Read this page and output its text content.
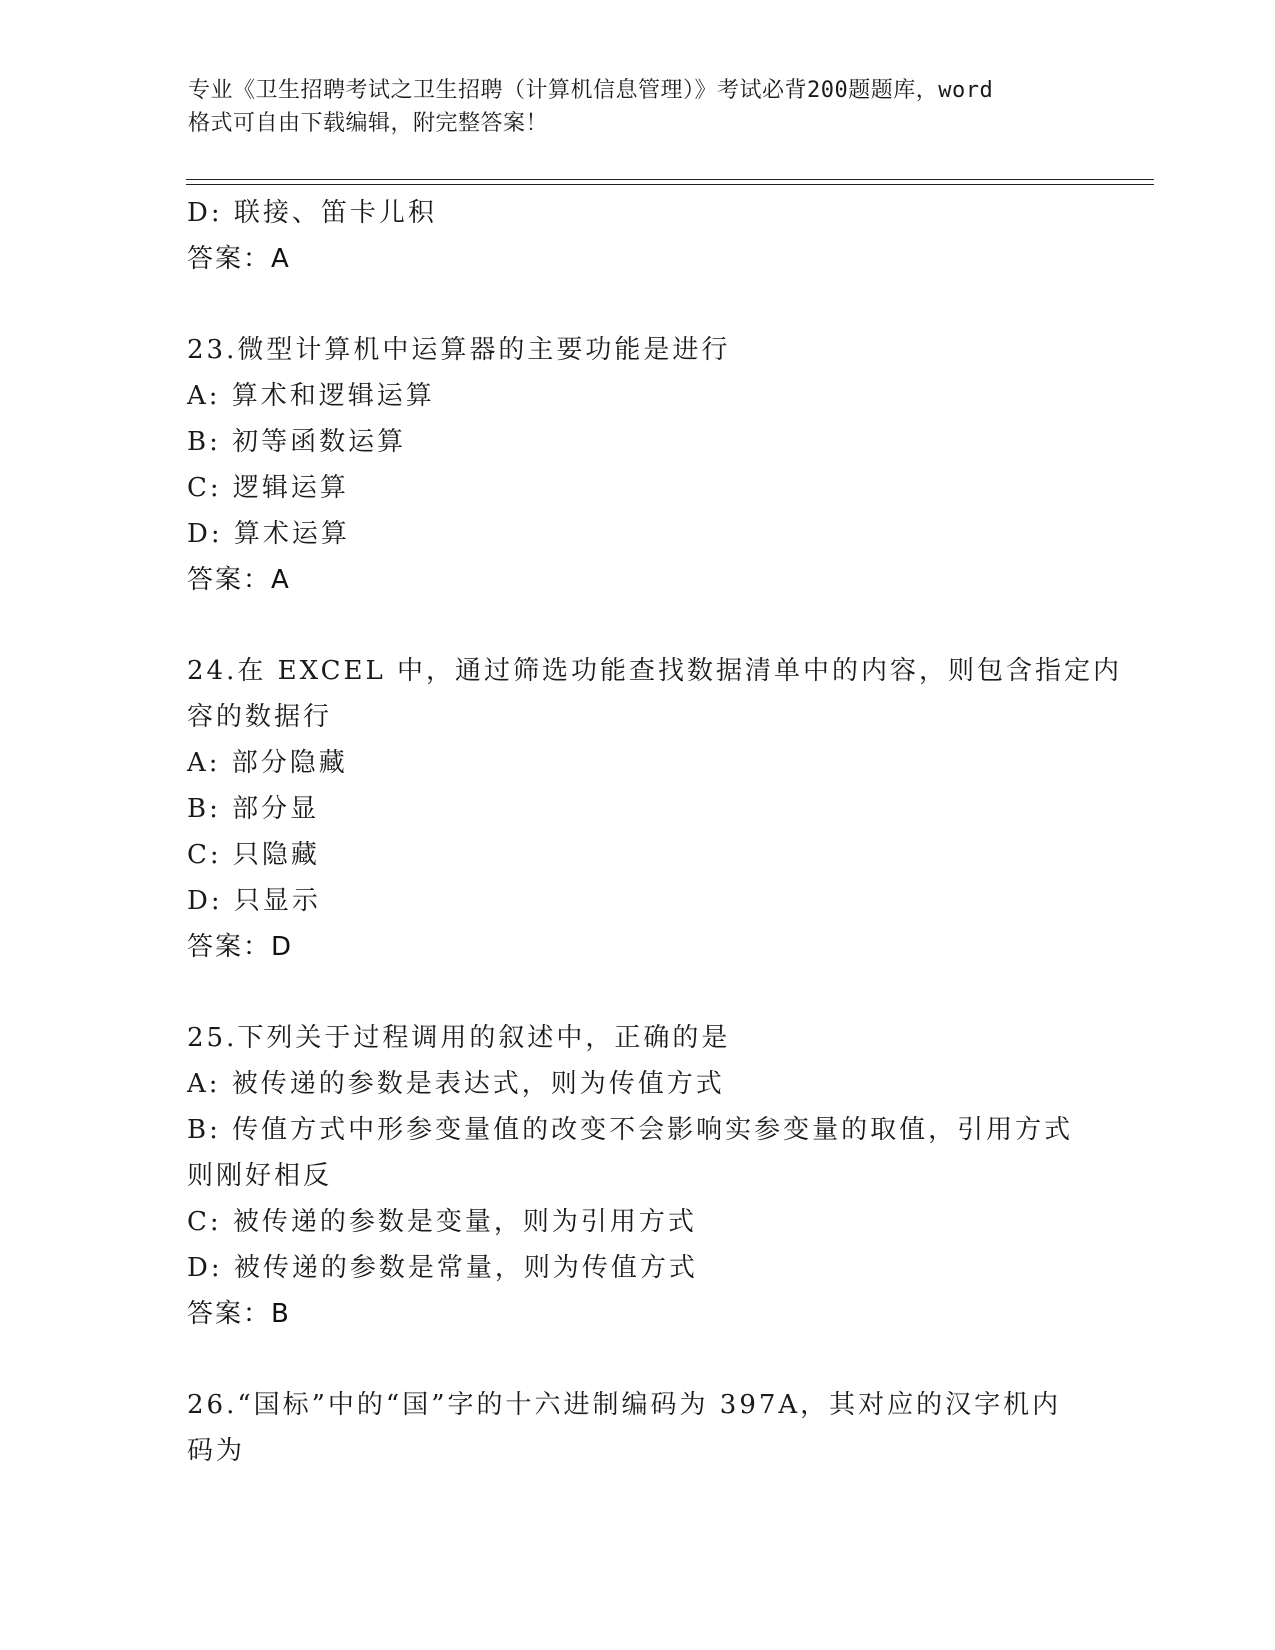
专业《卫生招聘考试之卫生招聘（计算机信息管理）》考试必背200题题库，word
格式可自由下载编辑，附完整答案！
D: 联接、笛卡儿积
答案：A
23.微型计算机中运算器的主要功能是进行
A: 算术和逻辑运算
B: 初等函数运算
C: 逻辑运算
D: 算术运算
答案：A
24.在 EXCEL 中，通过筛选功能查找数据清单中的内容，则包含指定内
容的数据行
A: 部分隐藏
B: 部分显
C: 只隐藏
D: 只显示
答案：D
25.下列关于过程调用的叙述中，正确的是
A: 被传递的参数是表达式，则为传值方式
B: 传值方式中形参变量值的改变不会影响实参变量的取值，引用方式
则刚好相反
C: 被传递的参数是变量，则为引用方式
D: 被传递的参数是常量，则为传值方式
答案：B
26.“国标”中的“国”字的十六进制编码为 397A，其对应的汉字机内
码为
